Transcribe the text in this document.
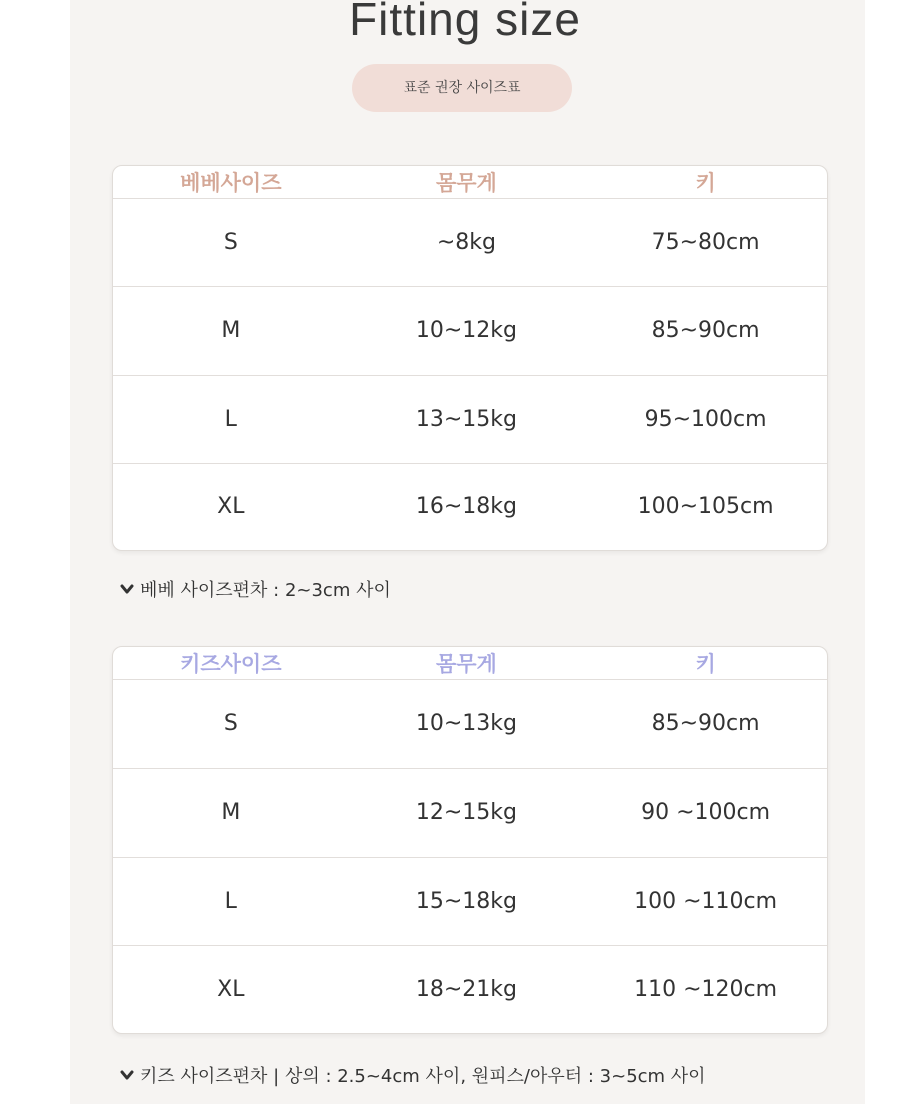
Fitting size
표준 권장 사이즈표
베베사이즈	몸무게	키
S	~8kg	75~80cm
M	10~12kg	85~90cm
L	13~15kg	95~100cm
XL	16~18kg	100~105cm
베베 사이즈편차 : 2~3cm 사이
키즈사이즈	몸무게	키
S	10~13kg	85~90cm
M	12~15kg	90 ~100cm
L	15~18kg	100 ~110cm
XL	18~21kg	110 ~120cm
키즈 사이즈편차 | 상의 : 2.5~4cm 사이, 원피스/아우터 : 3~5cm 사이
